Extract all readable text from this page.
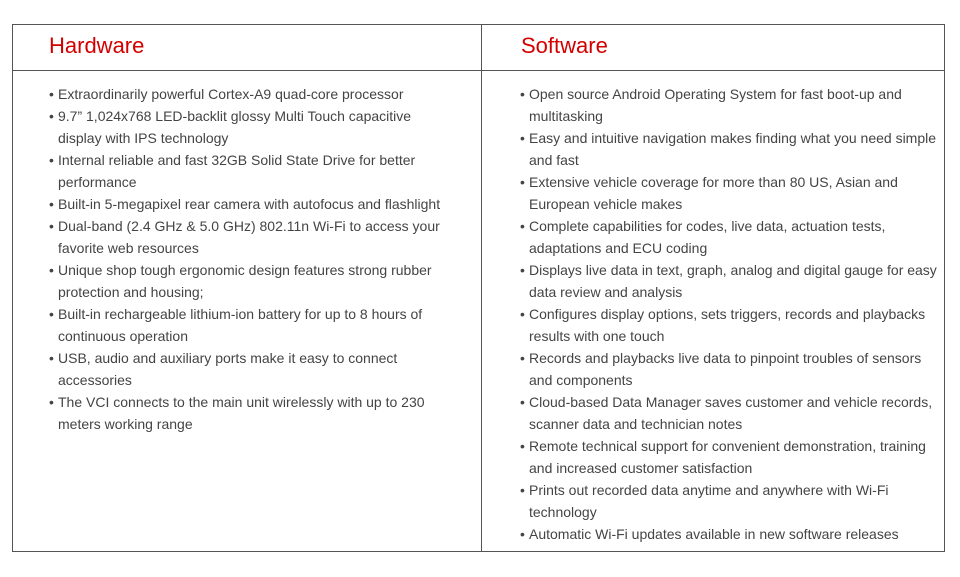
Hardware	Software
• Extraordinarily powerful Cortex-A9 quad-core processor
• 9.7” 1,024x768 LED-backlit glossy Multi Touch capacitive display with IPS technology
• Internal reliable and fast 32GB Solid State Drive for better performance
• Built-in 5-megapixel rear camera with autofocus and flashlight
• Dual-band (2.4 GHz & 5.0 GHz) 802.11n Wi-Fi to access your favorite web resources
• Unique shop tough ergonomic design features strong rubber protection and housing;
• Built-in rechargeable lithium-ion battery for up to 8 hours of continuous operation
• USB, audio and auxiliary ports make it easy to connect accessories
• The VCI connects to the main unit wirelessly with up to 230 meters working range
• Open source Android Operating System for fast boot-up and multitasking
• Easy and intuitive navigation makes finding what you need simple and fast
• Extensive vehicle coverage for more than 80 US, Asian and European vehicle makes
• Complete capabilities for codes, live data, actuation tests, adaptations and ECU coding
• Displays live data in text, graph, analog and digital gauge for easy data review and analysis
• Configures display options, sets triggers, records and playbacks results with one touch
• Records and playbacks live data to pinpoint troubles of sensors and components
• Cloud-based Data Manager saves customer and vehicle records, scanner data and technician notes
• Remote technical support for convenient demonstration, training and increased customer satisfaction
• Prints out recorded data anytime and anywhere with Wi-Fi technology
• Automatic Wi-Fi updates available in new software releases
